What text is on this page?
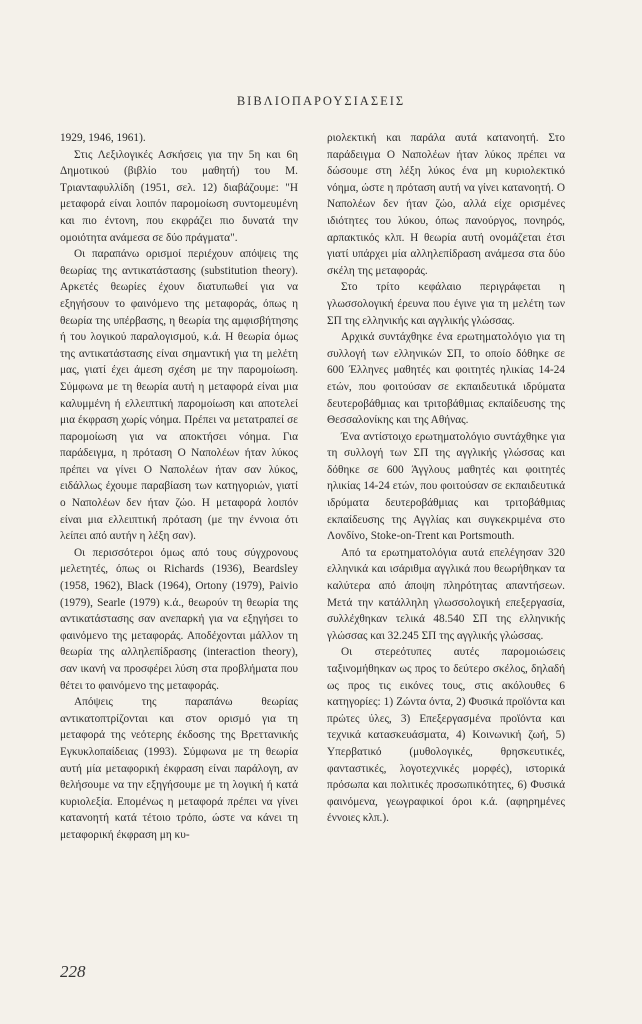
ΒΙΒΛΙΟΠΑΡΟΥΣΙΑΣΕΙΣ

1929, 1946, 1961).

Στις Λεξιλογικές Ασκήσεις για την 5η και 6η Δημοτικού (βιβλίο του μαθητή) του Μ. Τριανταφυλλίδη (1951, σελ. 12) διαβάζουμε: "Η μεταφορά είναι λοιπόν παρομοίωση συντομευμένη και πιο έντονη, που εκφράζει πιο δυνατά την ομοιότητα ανάμεσα σε δύο πράγματα".

Οι παραπάνω ορισμοί περιέχουν απόψεις της θεωρίας της αντικατάστασης (substitution theory). Αρκετές θεωρίες έχουν διατυπωθεί για να εξηγήσουν το φαινόμενο της μεταφοράς, όπως η θεωρία της υπέρβασης, η θεωρία της αμφισβήτησης ή του λογικού παραλογισμού, κ.ά. Η θεωρία όμως της αντικατάστασης είναι σημαντική για τη μελέτη μας, γιατί έχει άμεση σχέση με την παρομοίωση. Σύμφωνα με τη θεωρία αυτή η μεταφορά είναι μια καλυμμένη ή ελλειπτική παρομοίωση και αποτελεί μια έκφραση χωρίς νόημα. Πρέπει να μετατραπεί σε παρομοίωση για να αποκτήσει νόημα. Για παράδειγμα, η πρόταση Ο Ναπολέων ήταν λύκος πρέπει να γίνει Ο Ναπολέων ήταν σαν λύκος, ειδάλλως έχουμε παραβίαση των κατηγοριών, γιατί ο Ναπολέων δεν ήταν ζώο. Η μεταφορά λοιπόν είναι μια ελλειπτική πρόταση (με την έννοια ότι λείπει από αυτήν η λέξη σαν).

Οι περισσότεροι όμως από τους σύγχρονους μελετητές, όπως οι Richards (1936), Beardsley (1958, 1962), Black (1964), Ortony (1979), Paivio (1979), Searle (1979) κ.ά., θεωρούν τη θεωρία της αντικατάστασης σαν ανεπαρκή για να εξηγήσει το φαινόμενο της μεταφοράς. Αποδέχονται μάλλον τη θεωρία της αλληλεπίδρασης (interaction theory), σαν ικανή να προσφέρει λύση στα προβλήματα που θέτει το φαινόμενο της μεταφοράς.

Απόψεις της παραπάνω θεωρίας αντικατοπτρίζονται και στον ορισμό για τη μεταφορά της νεότερης έκδοσης της Βρεττανικής Εγκυκλοπαίδειας (1993). Σύμφωνα με τη θεωρία αυτή μία μεταφορική έκφραση είναι παράλογη, αν θελήσουμε να την εξηγήσουμε με τη λογική ή κατά κυριολεξία. Επομένως η μεταφορά πρέπει να γίνει κατανοητή κατά τέτοιο τρόπο, ώστε να κάνει τη μεταφορική έκφραση μη κυ-

ριολεκτική και παράλα αυτά κατανοητή. Στο παράδειγμα Ο Ναπολέων ήταν λύκος πρέπει να δώσουμε στη λέξη λύκος ένα μη κυριολεκτικό νόημα, ώστε η πρόταση αυτή να γίνει κατανοητή. Ο Ναπολέων δεν ήταν ζώο, αλλά είχε ορισμένες ιδιότητες του λύκου, όπως πανούργος, πονηρός, αρπακτικός κλπ. Η θεωρία αυτή ονομάζεται έτσι γιατί υπάρχει μία αλληλεπίδραση ανάμεσα στα δύο σκέλη της μεταφοράς.

Στο τρίτο κεφάλαιο περιγράφεται η γλωσσολογική έρευνα που έγινε για τη μελέτη των ΣΠ της ελληνικής και αγγλικής γλώσσας.

Αρχικά συντάχθηκε ένα ερωτηματολόγιο για τη συλλογή των ελληνικών ΣΠ, το οποίο δόθηκε σε 600 Έλληνες μαθητές και φοιτητές ηλικίας 14-24 ετών, που φοιτούσαν σε εκπαιδευτικά ιδρύματα δευτεροβάθμιας και τριτοβάθμιας εκπαίδευσης της Θεσσαλονίκης και της Αθήνας.

Ένα αντίστοιχο ερωτηματολόγιο συντάχθηκε για τη συλλογή των ΣΠ της αγγλικής γλώσσας και δόθηκε σε 600 Άγγλους μαθητές και φοιτητές ηλικίας 14-24 ετών, που φοιτούσαν σε εκπαιδευτικά ιδρύματα δευτεροβάθμιας και τριτοβάθμιας εκπαίδευσης της Αγγλίας και συγκεκριμένα στο Λονδίνο, Stoke-on-Trent και Portsmouth.

Από τα ερωτηματολόγια αυτά επελέγησαν 320 ελληνικά και ισάριθμα αγγλικά που θεωρήθηκαν τα καλύτερα από άποψη πληρότητας απαντήσεων. Μετά την κατάλληλη γλωσσολογική επεξεργασία, συλλέχθηκαν τελικά 48.540 ΣΠ της ελληνικής γλώσσας και 32.245 ΣΠ της αγγλικής γλώσσας.

Οι στερεότυπες αυτές παρομοιώσεις ταξινομήθηκαν ως προς το δεύτερο σκέλος, δηλαδή ως προς τις εικόνες τους, στις ακόλουθες 6 κατηγορίες: 1) Ζώντα όντα, 2) Φυσικά προϊόντα και πρώτες ύλες, 3) Επεξεργασμένα προϊόντα και τεχνικά κατασκευάσματα, 4) Κοινωνική ζωή, 5) Υπερβατικό (μυθολογικές, θρησκευτικές, φανταστικές, λογοτεχνικές μορφές), ιστορικά πρόσωπα και πολιτικές προσωπικότητες, 6) Φυσικά φαινόμενα, γεωγραφικοί όροι κ.ά. (αφηρημένες έννοιες κλπ.).

228
